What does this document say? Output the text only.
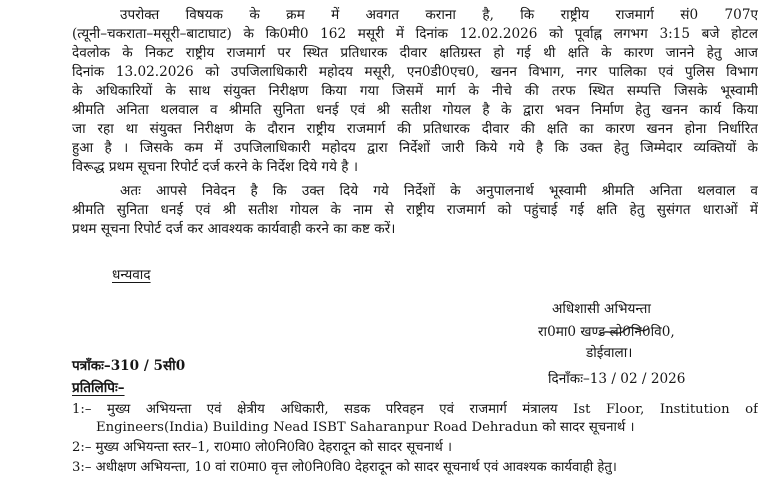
उपरोक्त विषयक के क्रम में अवगत कराना है, कि राष्ट्रीय राजमार्ग सं0 707ए
(त्यूनी–चकराता–मसूरी–बाटाघाट) के कि0मी0 162 मसूरी में दिनांक 12.02.2026 को पूर्वाह्न लगभग 3:15 बजे होटल
देवलोक के निकट राष्ट्रीय राजमार्ग पर स्थित प्रतिधारक दीवार क्षतिग्रस्त हो गई थी क्षति के कारण जानने हेतु आज
दिनांक 13.02.2026 को उपजिलाधिकारी महोदय मसूरी, एन0डी0एच0, खनन विभाग, नगर पालिका एवं पुलिस विभाग
के अधिकारियों के साथ संयुक्त निरीक्षण किया गया जिसमें मार्ग के नीचे की तरफ स्थित सम्पत्ति जिसके भूस्वामी
श्रीमति अनिता थलवाल व श्रीमति सुनिता धनई एवं श्री सतीश गोयल है के द्वारा भवन निर्माण हेतु खनन कार्य किया
जा रहा था संयुक्त निरीक्षण के दौरान राष्ट्रीय राजमार्ग की प्रतिधारक दीवार की क्षति का कारण खनन होना निर्धारित
हुआ है । जिसके कम में उपजिलाधिकारी महोदय द्वारा निर्देशों जारी किये गये है कि उक्त हेतु जिम्मेदार व्यक्तियों के
विरूद्ध प्रथम सूचना रिपोर्ट दर्ज करने के निर्देश दिये गये है ।
अतः आपसे निवेदन है कि उक्त दिये गये निर्देशों के अनुपालनार्थ भूस्वामी श्रीमति अनिता थलवाल व
श्रीमति सुनिता धनई एवं श्री सतीश गोयल के नाम से राष्ट्रीय राजमार्ग को पहुंचाई गई क्षति हेतु सुसंगत धाराओं में
प्रथम सूचना रिपोर्ट दर्ज कर आवश्यक कार्यवाही करने का कष्ट करें।
धन्यवाद
अधिशासी अभियन्ता
रा0मा0 खण्ड लो0नि0वि0,
डोईवाला।
पत्राँकः–310 / 5सी0
दिनाँकः–13 / 02 / 2026
प्रतिलिपिः–
1:– मुख्य अभियन्ता एवं क्षेत्रीय अधिकारी, सडक परिवहन एवं राजमार्ग मंत्रालय Ist Floor, Institution of
Engineers(India) Building Nead ISBT Saharanpur Road Dehradun को सादर सूचनार्थ ।
2:– मुख्य अभियन्ता स्तर–1, रा0मा0 लो0नि0वि0 देहरादून को सादर सूचनार्थ ।
3:– अधीक्षण अभियन्ता, 10 वां रा0मा0 वृत्त लो0नि0वि0 देहरादून को सादर सूचनार्थ एवं आवश्यक कार्यवाही हेतु।
